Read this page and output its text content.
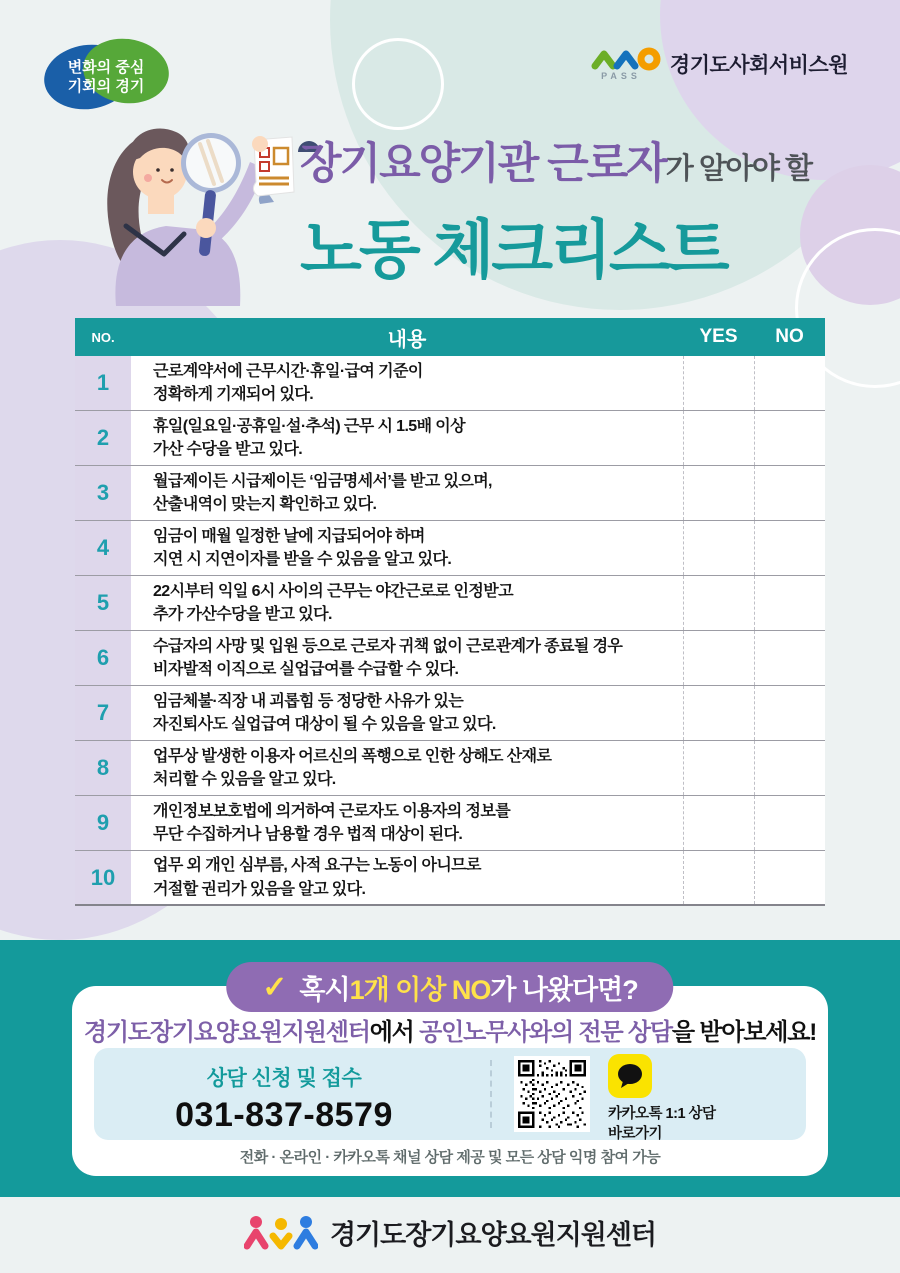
변화의 중심
기회의 경기
PASS 경기도사회서비스원
장기요양기관 근로자가 알아야 할
노동 체크리스트
NO.	내용	YES	NO
1	근로계약서에 근무시간·휴일·급여 기준이
정확하게 기재되어 있다.
2	휴일(일요일·공휴일·설·추석) 근무 시 1.5배 이상
가산 수당을 받고 있다.
3	월급제이든 시급제이든 ‘임금명세서’를 받고 있으며,
산출내역이 맞는지 확인하고 있다.
4	임금이 매월 일정한 날에 지급되어야 하며
지연 시 지연이자를 받을 수 있음을 알고 있다.
5	22시부터 익일 6시 사이의 근무는 야간근로로 인정받고
추가 가산수당을 받고 있다.
6	수급자의 사망 및 입원 등으로 근로자 귀책 없이 근로관계가 종료될 경우
비자발적 이직으로 실업급여를 수급할 수 있다.
7	임금체불·직장 내 괴롭힘 등 정당한 사유가 있는
자진퇴사도 실업급여 대상이 될 수 있음을 알고 있다.
8	업무상 발생한 이용자 어르신의 폭행으로 인한 상해도 산재로
처리할 수 있음을 알고 있다.
9	개인정보보호법에 의거하여 근로자도 이용자의 정보를
무단 수집하거나 남용할 경우 법적 대상이 된다.
10	업무 외 개인 심부름, 사적 요구는 노동이 아니므로
거절할 권리가 있음을 알고 있다.
경기도장기요양요원지원센터에서 공인노무사와의 전문 상담을 받아보세요!
상담 신청 및 접수
031-837-8579	카카오톡 1:1 상담
바로가기
전화 · 온라인 · 카카오톡 채널 상담 제공 및 모든 상담 익명 참여 가능
✓ 혹시 1개 이상 NO 가 나왔다면?
경기도장기요양요원지원센터
